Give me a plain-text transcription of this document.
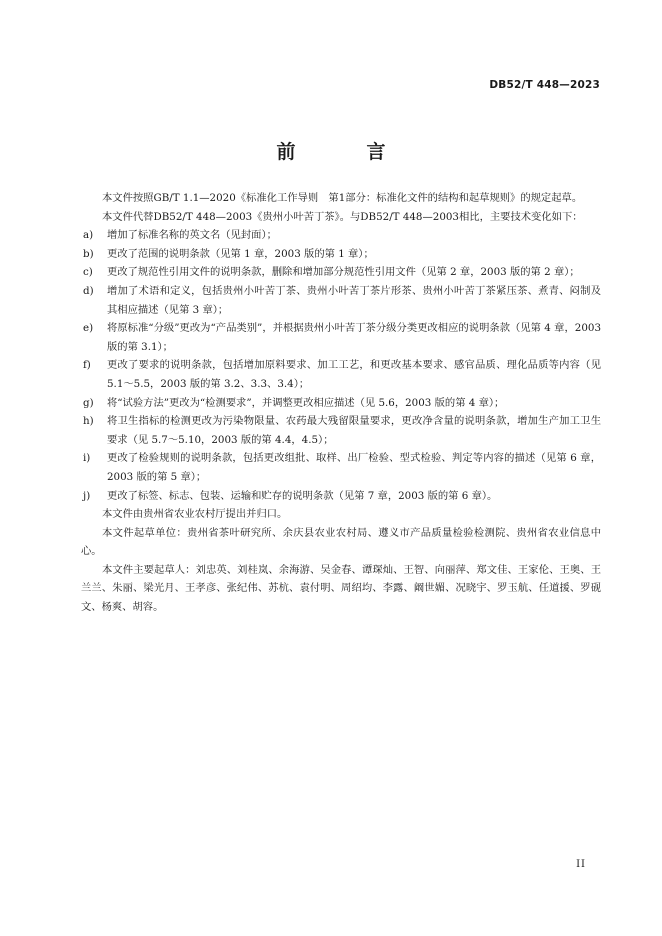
DB52/T 448—2023
前　言

本文件按照GB/T 1.1—2020《标准化工作导则　第1部分：标准化文件的结构和起草规则》的规定起草。

本文件代替DB52/T 448—2003《贵州小叶苦丁茶》。与DB52/T 448—2003相比，主要技术变化如下：

a)	增加了标准名称的英文名（见封面）；
b)	更改了范围的说明条款（见第 1 章，2003 版的第 1 章）；
c)	更改了规范性引用文件的说明条款，删除和增加部分规范性引用文件（见第 2 章，2003 版的第 2 章）；
d)	增加了术语和定义，包括贵州小叶苦丁茶、贵州小叶苦丁茶片形茶、贵州小叶苦丁茶紧压茶、煮青、闷制及其相应描述（见第 3 章）；
e)	将原标准“分级”更改为“产品类别”，并根据贵州小叶苦丁茶分级分类更改相应的说明条款（见第 4 章，2003 版的第 3.1）；
f)	更改了要求的说明条款，包括增加原料要求、加工工艺，和更改基本要求、感官品质、理化品质等内容（见 5.1～5.5，2003 版的第 3.2、3.3、3.4）；
g)	将“试验方法”更改为“检测要求”，并调整更改相应描述（见 5.6，2003 版的第 4 章）；
h)	将卫生指标的检测更改为污染物限量、农药最大残留限量要求，更改净含量的说明条款，增加生产加工卫生要求（见 5.7～5.10，2003 版的第 4.4，4.5）；
i)	更改了检验规则的说明条款，包括更改组批、取样、出厂检验、型式检验、判定等内容的描述（见第 6 章，2003 版的第 5 章）；
j)	更改了标签、标志、包装、运输和贮存的说明条款（见第 7 章，2003 版的第 6 章）。

本文件由贵州省农业农村厅提出并归口。

本文件起草单位：贵州省茶叶研究所、余庆县农业农村局、遵义市产品质量检验检测院、贵州省农业信息中心。

本文件主要起草人：刘忠英、刘桂岚、余海游、吴金春、谭琛灿、王智、向丽萍、郑文佳、王家伦、王奥、王兰兰、朱丽、梁光月、王孝彦、张纪伟、苏杭、袁付明、周绍均、李露、阚世媚、况晓宇、罗玉航、任道援、罗砚文、杨爽、胡容。

II
